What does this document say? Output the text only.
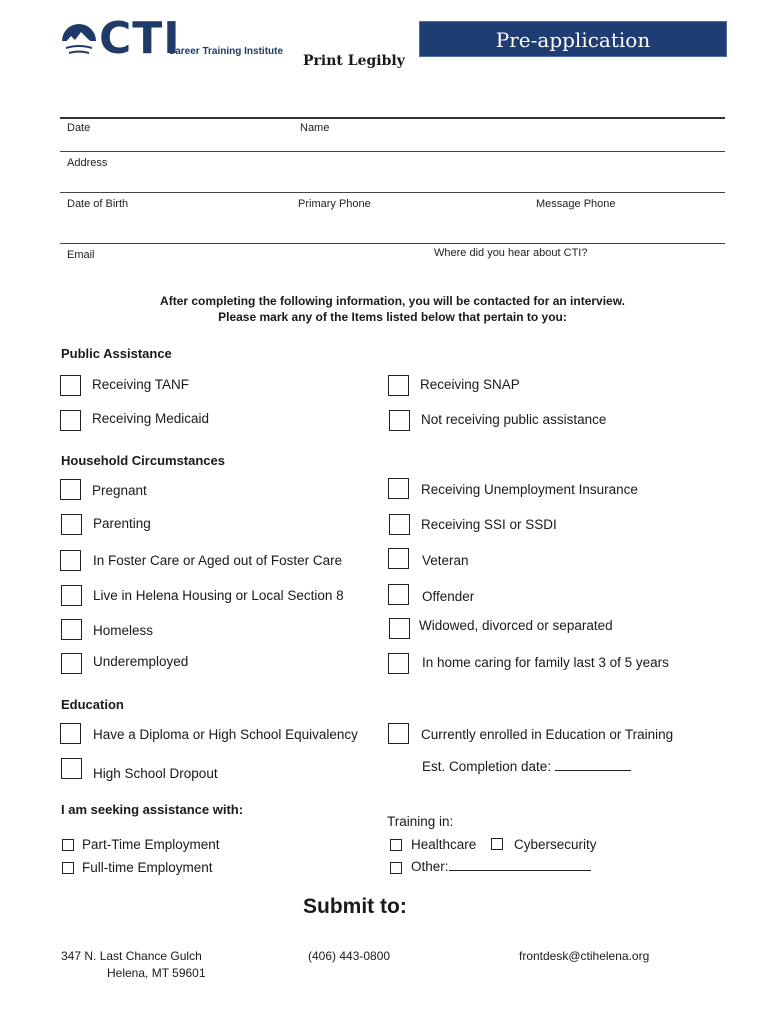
CTI
Career Training Institute	Pre-application
Print Legibly
Date	Name
Address
Date of Birth	Primary Phone	Message Phone
Email	Where did you hear about CTI?
After completing the following information, you will be contacted for an interview.
Please mark any of the Items listed below that pertain to you:
Public Assistance
Receiving TANF	Receiving SNAP
Receiving Medicaid	Not receiving public assistance
Household Circumstances
Pregnant	Receiving Unemployment Insurance
Parenting	Receiving SSI or SSDI
In Foster Care or Aged out of Foster Care	Veteran
Live in Helena Housing or Local Section 8	Offender
Homeless	Widowed, divorced or separated
Underemployed	In home caring for family last 3 of 5 years
Education
Have a Diploma or High School Equivalency	Currently enrolled in Education or Training
High School Dropout	Est. Completion date:
I am seeking assistance with:
Training in:
Part-Time Employment	Healthcare	Cybersecurity
Full-time Employment	Other:
Submit to:
347 N. Last Chance Gulch
Helena, MT 59601
(406) 443-0800	frontdesk@ctihelena.org
